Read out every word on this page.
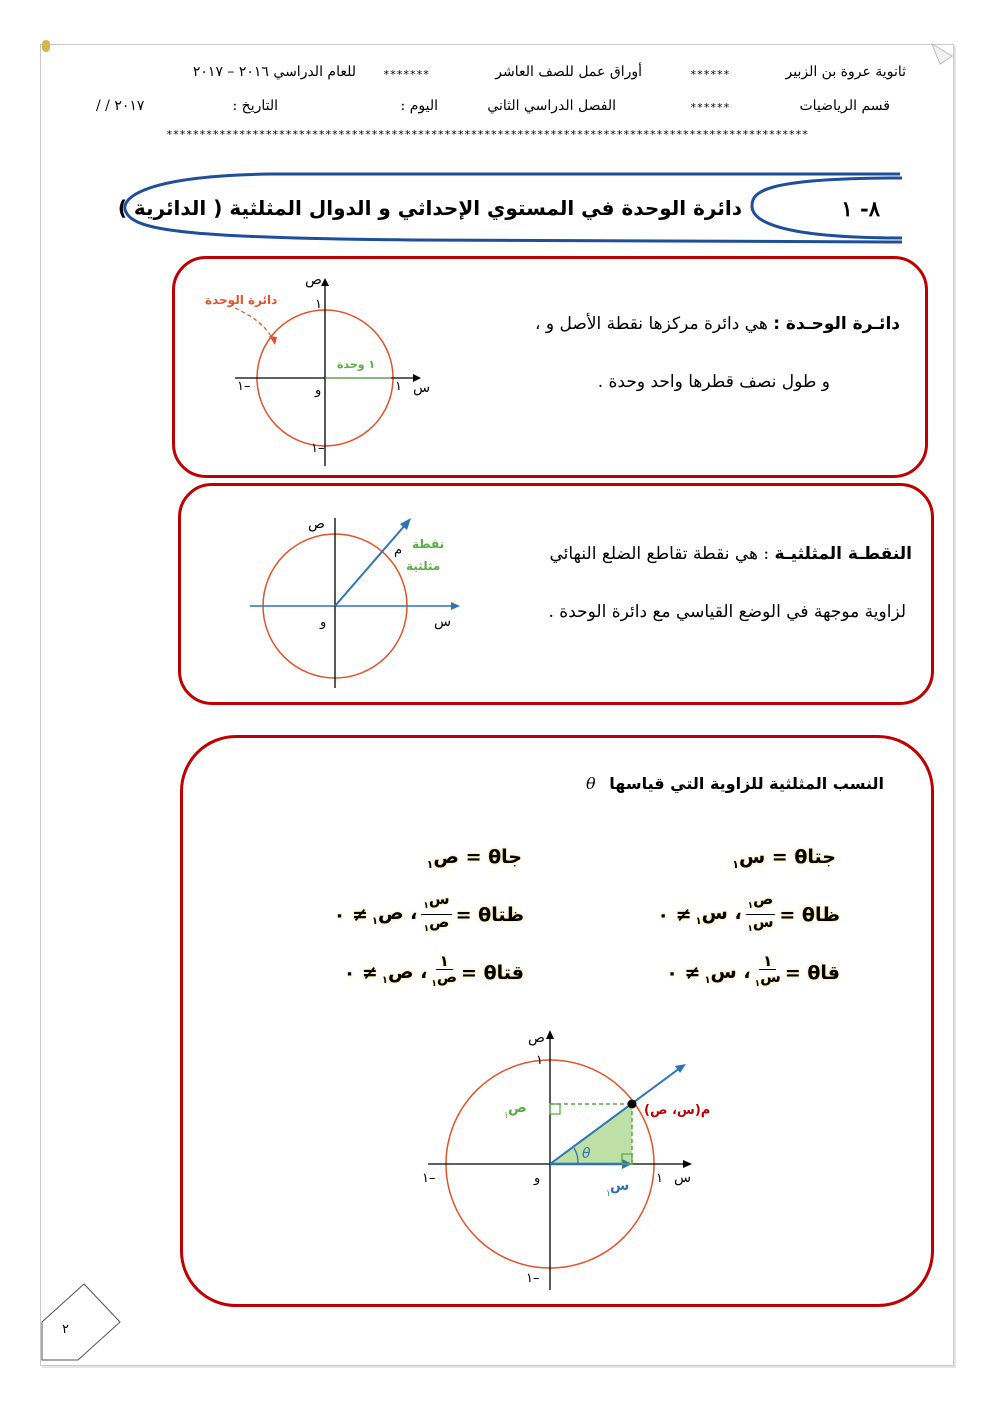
ثانوية عروة بن الزبير
******
أوراق عمل للصف العاشر
*******
للعام الدراسي ٢٠١٦ – ٢٠١٧
قسم الرياضيات
******
الفصل الدراسي الثاني
اليوم :
التاريخ :
/ / ٢٠١٧
*************************************************************************************************
٨- ١
دائرة الوحدة في المستوي الإحداثي و الدوال المثلثية ( الدائرية )
دائـرة الوحـدة : هي دائرة مركزها نقطة الأصل و ،
و طول نصف قطرها واحد وحدة .
دائرة الوحدة
ص
١
س
١
١–
١–
و
١ وحدة
النقطـة المثلثيـة : هي نقطة تقاطع الضلع النهائي
لزاوية موجهة في الوضع القياسي مع دائرة الوحدة .
ص
س
و
م نقطة
مثلثية
النسب المثلثية للزاوية التي قياسها θ
جتاθ = س$_١$
جاθ = ص$_١$
ظاθ =
ص$_١$
س$_١$
، س$_١$
≠ ٠
ظتاθ =
س$_١$
ص$_١$
، ص$_١$
≠ ٠
قاθ =
١
س$_١$
، س$_١$
≠ ٠
قتاθ =
١
ص$_١$
، ص$_١$
≠ ٠
θ
ص
١
س
١
١–
١–
و
ص
١
س
١
م(س، ص)
٢
